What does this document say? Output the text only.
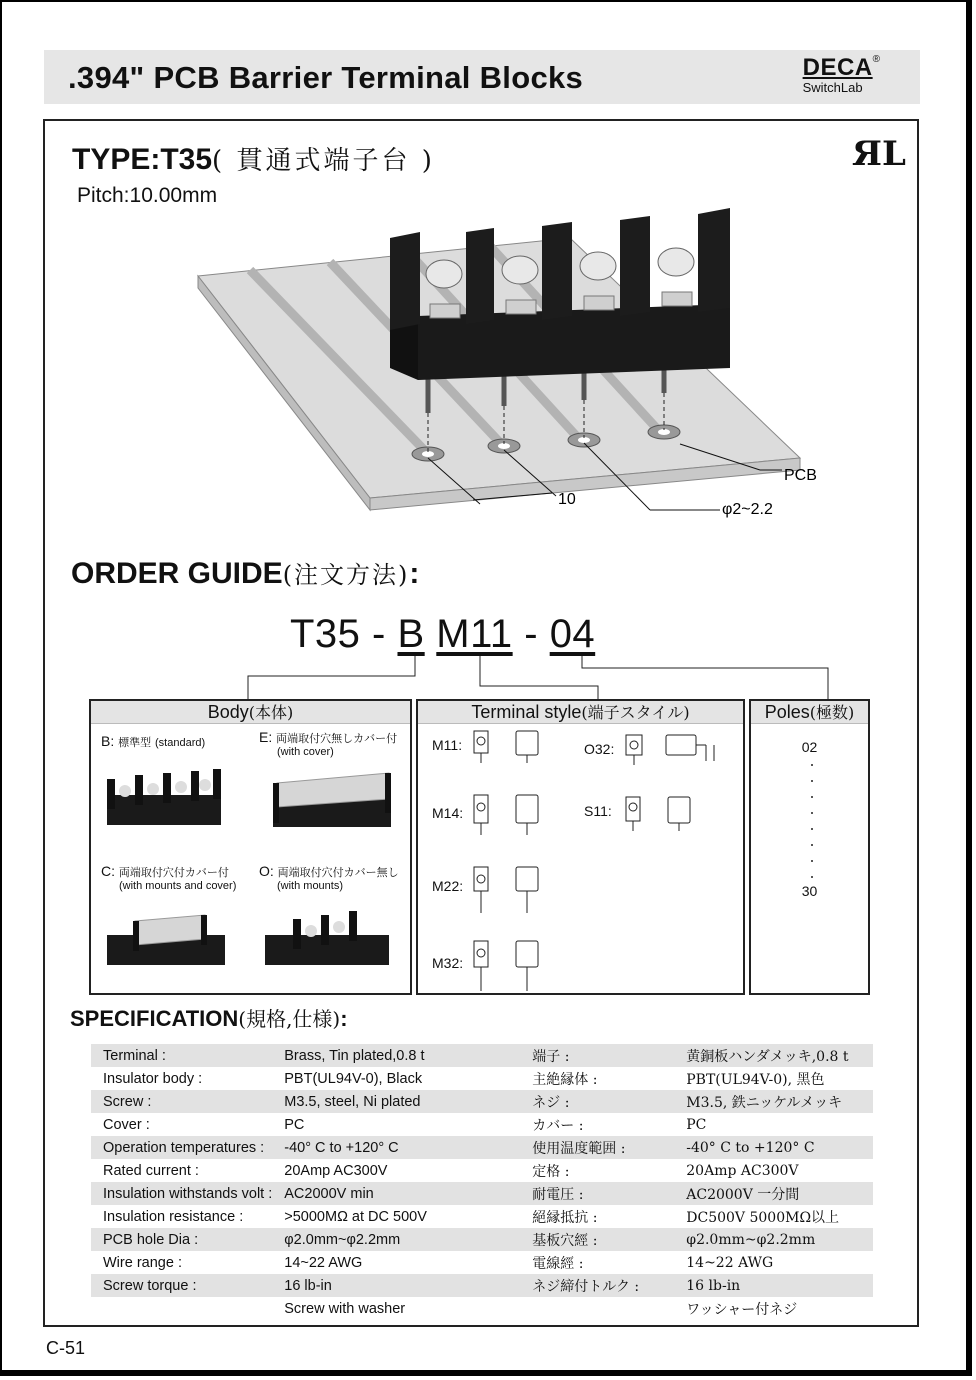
.394" PCB Barrier Terminal Blocks	DECA®
SwitchLab
TYPE:T35( 貫通式端子台 )
Pitch:10.00mm
ЯL
10
φ2~2.2
PCB
ORDER GUIDE(注文方法):
T35 - B M11 - 04
Body(本体)
B: 標準型 (standard)	E: 両端取付穴無しカバー付
(with cover)
C: 両端取付穴付カバー付
(with mounts and cover)
O: 両端取付穴付カバー無し
(with mounts)
Terminal style(端子スタイル)
M11:
M14:
M22:
M32:
O32:
S11:
Poles(極数)
02
30
SPECIFICATION(規格,仕様):
Terminal :	Brass, Tin plated,0.8 t	端子 :	黄銅板ハンダメッキ,0.8 t
Insulator body :	PBT(UL94V-0), Black	主絶縁体 :	PBT(UL94V-0), 黑色
Screw :	M3.5, steel, Ni plated	ネジ :	M3.5, 鉄ニッケルメッキ
Cover :	PC	カバー :	PC
Operation temperatures :	-40° C to +120° C	使用温度範囲 :	-40° C to +120° C
Rated current :	20Amp AC300V	定格 :	20Amp AC300V
Insulation withstands volt :	AC2000V min	耐電圧 :	AC2000V 一分間
Insulation resistance :	>5000MΩ at DC 500V	絕縁抵抗 :	DC500V 5000MΩ以上
PCB hole Dia :	φ2.0mm~φ2.2mm	基板穴經 :	φ2.0mm~φ2.2mm
Wire range :	14~22 AWG	電線經 :	14~22 AWG
Screw torque :	16 lb-in	ネジ締付トルク :	16 lb-in
	Screw with washer		ワッシャー付ネジ
C-51
